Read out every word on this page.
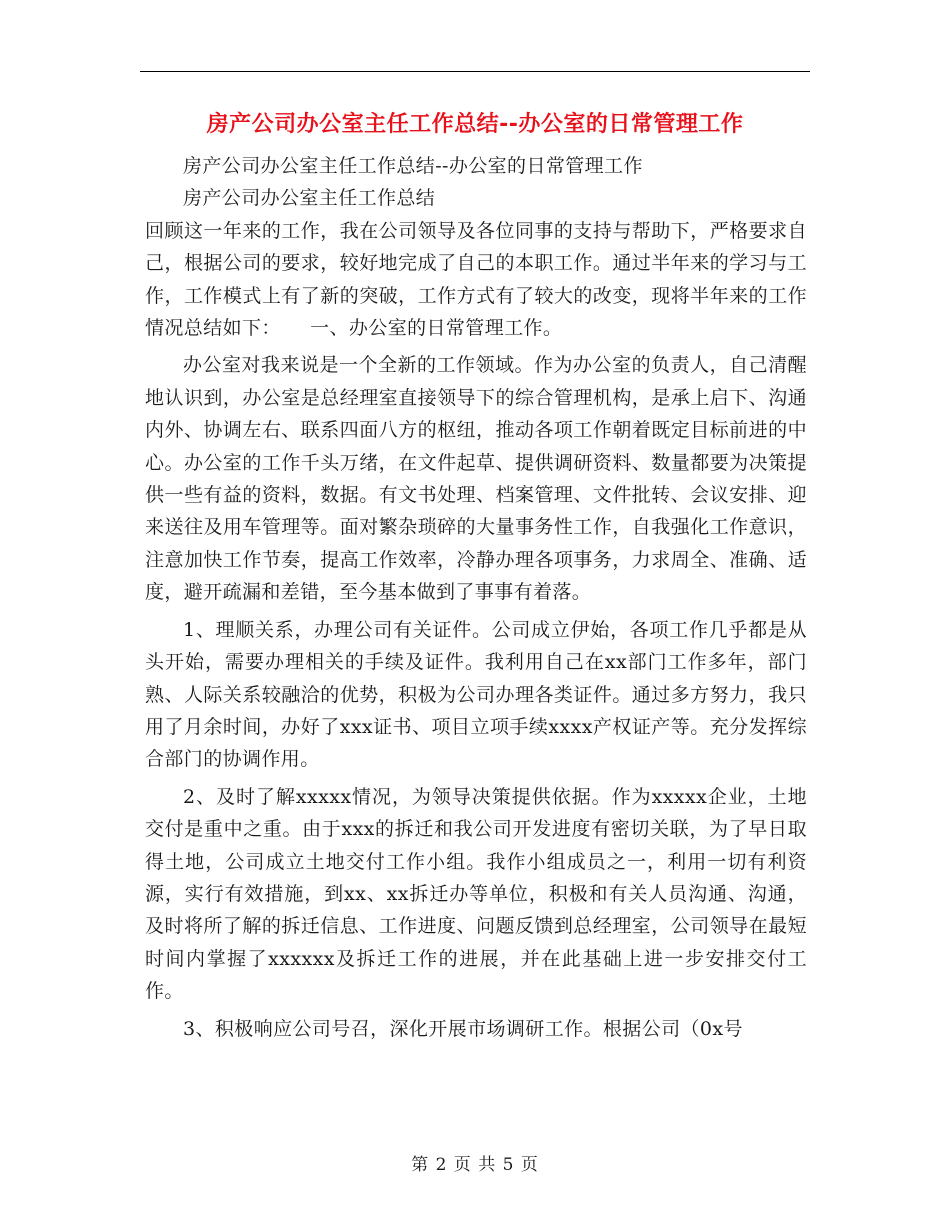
房产公司办公室主任工作总结--办公室的日常管理工作

房产公司办公室主任工作总结--办公室的日常管理工作

房产公司办公室主任工作总结

回顾这一年来的工作，我在公司领导及各位同事的支持与帮助下，严格要求自己，根据公司的要求，较好地完成了自己的本职工作。通过半年来的学习与工作，工作模式上有了新的突破，工作方式有了较大的改变，现将半年来的工作情况总结如下：　　一、办公室的日常管理工作。

办公室对我来说是一个全新的工作领域。作为办公室的负责人，自己清醒地认识到，办公室是总经理室直接领导下的综合管理机构，是承上启下、沟通内外、协调左右、联系四面八方的枢纽，推动各项工作朝着既定目标前进的中心。办公室的工作千头万绪，在文件起草、提供调研资料、数量都要为决策提供一些有益的资料，数据。有文书处理、档案管理、文件批转、会议安排、迎来送往及用车管理等。面对繁杂琐碎的大量事务性工作，自我强化工作意识，注意加快工作节奏，提高工作效率，冷静办理各项事务，力求周全、准确、适度，避开疏漏和差错，至今基本做到了事事有着落。

1、理顺关系，办理公司有关证件。公司成立伊始，各项工作几乎都是从头开始，需要办理相关的手续及证件。我利用自己在xx部门工作多年，部门熟、人际关系较融洽的优势，积极为公司办理各类证件。通过多方努力，我只用了月余时间，办好了xxx证书、项目立项手续xxxx产权证产等。充分发挥综合部门的协调作用。

2、及时了解xxxxx情况，为领导决策提供依据。作为xxxxx企业，土地交付是重中之重。由于xxx的拆迁和我公司开发进度有密切关联，为了早日取得土地，公司成立土地交付工作小组。我作小组成员之一，利用一切有利资源，实行有效措施，到xx、xx拆迁办等单位，积极和有关人员沟通、沟通，及时将所了解的拆迁信息、工作进度、问题反馈到总经理室，公司领导在最短时间内掌握了xxxxxx及拆迁工作的进展，并在此基础上进一步安排交付工作。

3、积极响应公司号召，深化开展市场调研工作。根据公司（0x号

第 2 页 共 5 页
